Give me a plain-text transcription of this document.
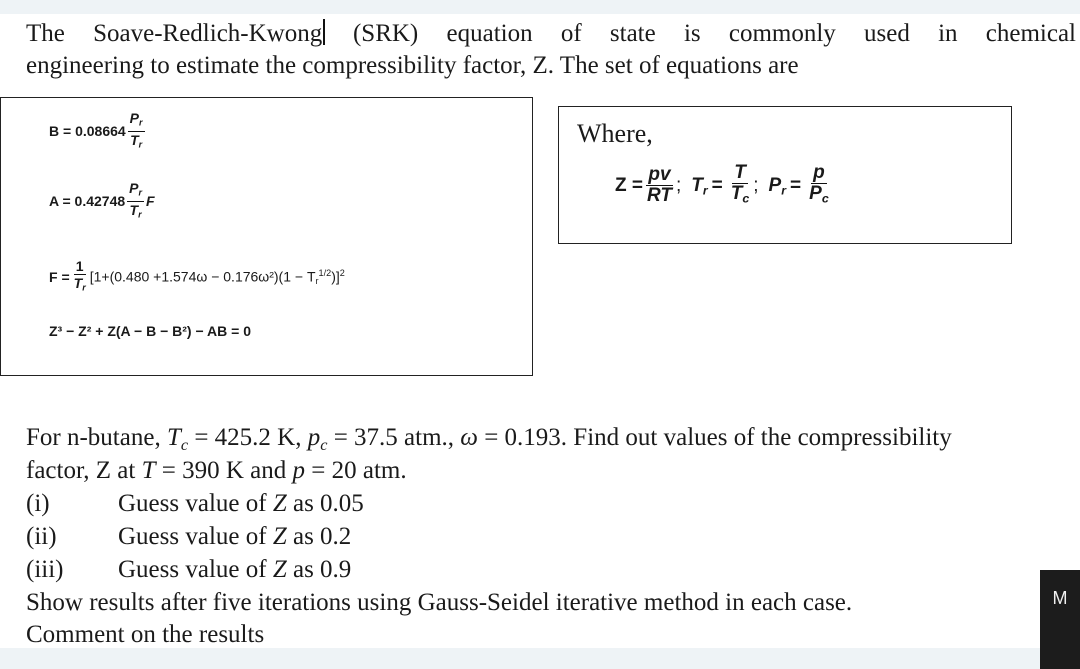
The Soave-Redlich-Kwong (SRK) equation of state is commonly used in chemical

engineering to estimate the compressibility factor, Z. The set of equations are

$B = 0.08664 \frac{P_r}{T_r}$
$A = 0.42748 \frac{P_r}{T_r}$ F
$F = \frac{1}{T_r} [1+(0.480 +1.574\omega - 0.176\omega^2)(1 - T_r^{1/2})]^2$
Z³ − Z² + Z(A − B − B²) − AB = 0
Where,
$Z = \frac{pv}{RT}$ ; $T_r = \frac{T}{T_c}$ ; $P_r = \frac{p}{P_c}$

For n-butane, $T_c = 425.2$ K, $p_c = 37.5$ atm., ω = 0.193. Find out values of the compressibility

factor, Z at T = 390 K and p = 20 atm.

(i)	Guess value of Z as 0.05
(ii) Guess value of Z as 0.2
(iii) Guess value of Z as 0.9

Show results after five iterations using Gauss-Seidel iterative method in each case.

Comment on the results

M
